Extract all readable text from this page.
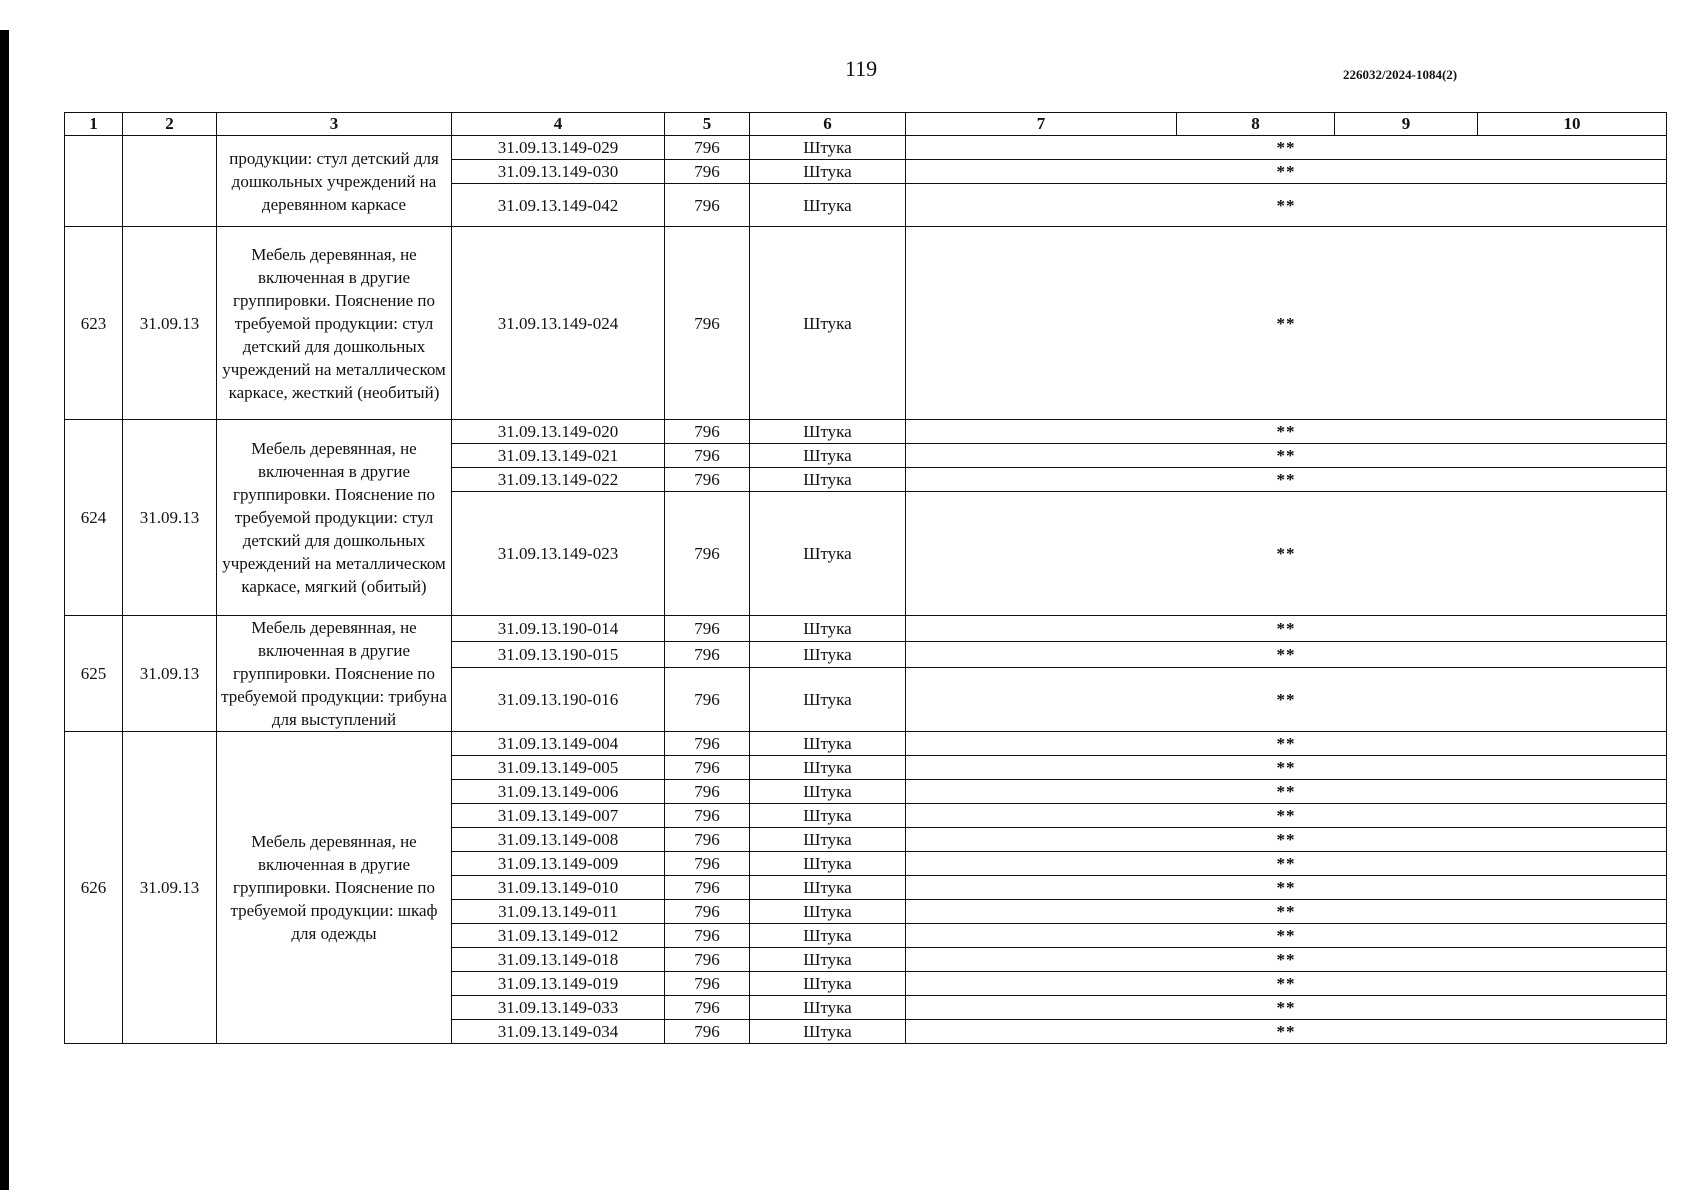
119	226032/2024-1084(2)
1	2	3	4	5	6	7	8	9	10
		продукции: стул детский для дошкольных учреждений на деревянном каркасе	31.09.13.149-029	796	Штука	**			
			31.09.13.149-030	796	Штука	**			
			31.09.13.149-042	796	Штука	**			
623	31.09.13	Мебель деревянная, не включенная в другие группировки. Пояснение по требуемой продукции: стул детский для дошкольных учреждений на металлическом каркасе, жесткий (необитый)	31.09.13.149-024	796	Штука	**			
624	31.09.13	Мебель деревянная, не включенная в другие группировки. Пояснение по требуемой продукции: стул детский для дошкольных учреждений на металлическом каркасе, мягкий (обитый)	31.09.13.149-020	796	Штука	**			
			31.09.13.149-021	796	Штука	**			
			31.09.13.149-022	796	Штука	**			
			31.09.13.149-023	796	Штука	**			
625	31.09.13	Мебель деревянная, не включенная в другие группировки. Пояснение по требуемой продукции: трибуна для выступлений	31.09.13.190-014	796	Штука	**			
			31.09.13.190-015	796	Штука	**			
			31.09.13.190-016	796	Штука	**			
626	31.09.13	Мебель деревянная, не включенная в другие группировки. Пояснение по требуемой продукции: шкаф для одежды	31.09.13.149-004	796	Штука	**			
			31.09.13.149-005	796	Штука	**			
			31.09.13.149-006	796	Штука	**			
			31.09.13.149-007	796	Штука	**			
			31.09.13.149-008	796	Штука	**			
			31.09.13.149-009	796	Штука	**			
			31.09.13.149-010	796	Штука	**			
			31.09.13.149-011	796	Штука	**			
			31.09.13.149-012	796	Штука	**			
			31.09.13.149-018	796	Штука	**			
			31.09.13.149-019	796	Штука	**			
			31.09.13.149-033	796	Штука	**			
			31.09.13.149-034	796	Штука	**			
